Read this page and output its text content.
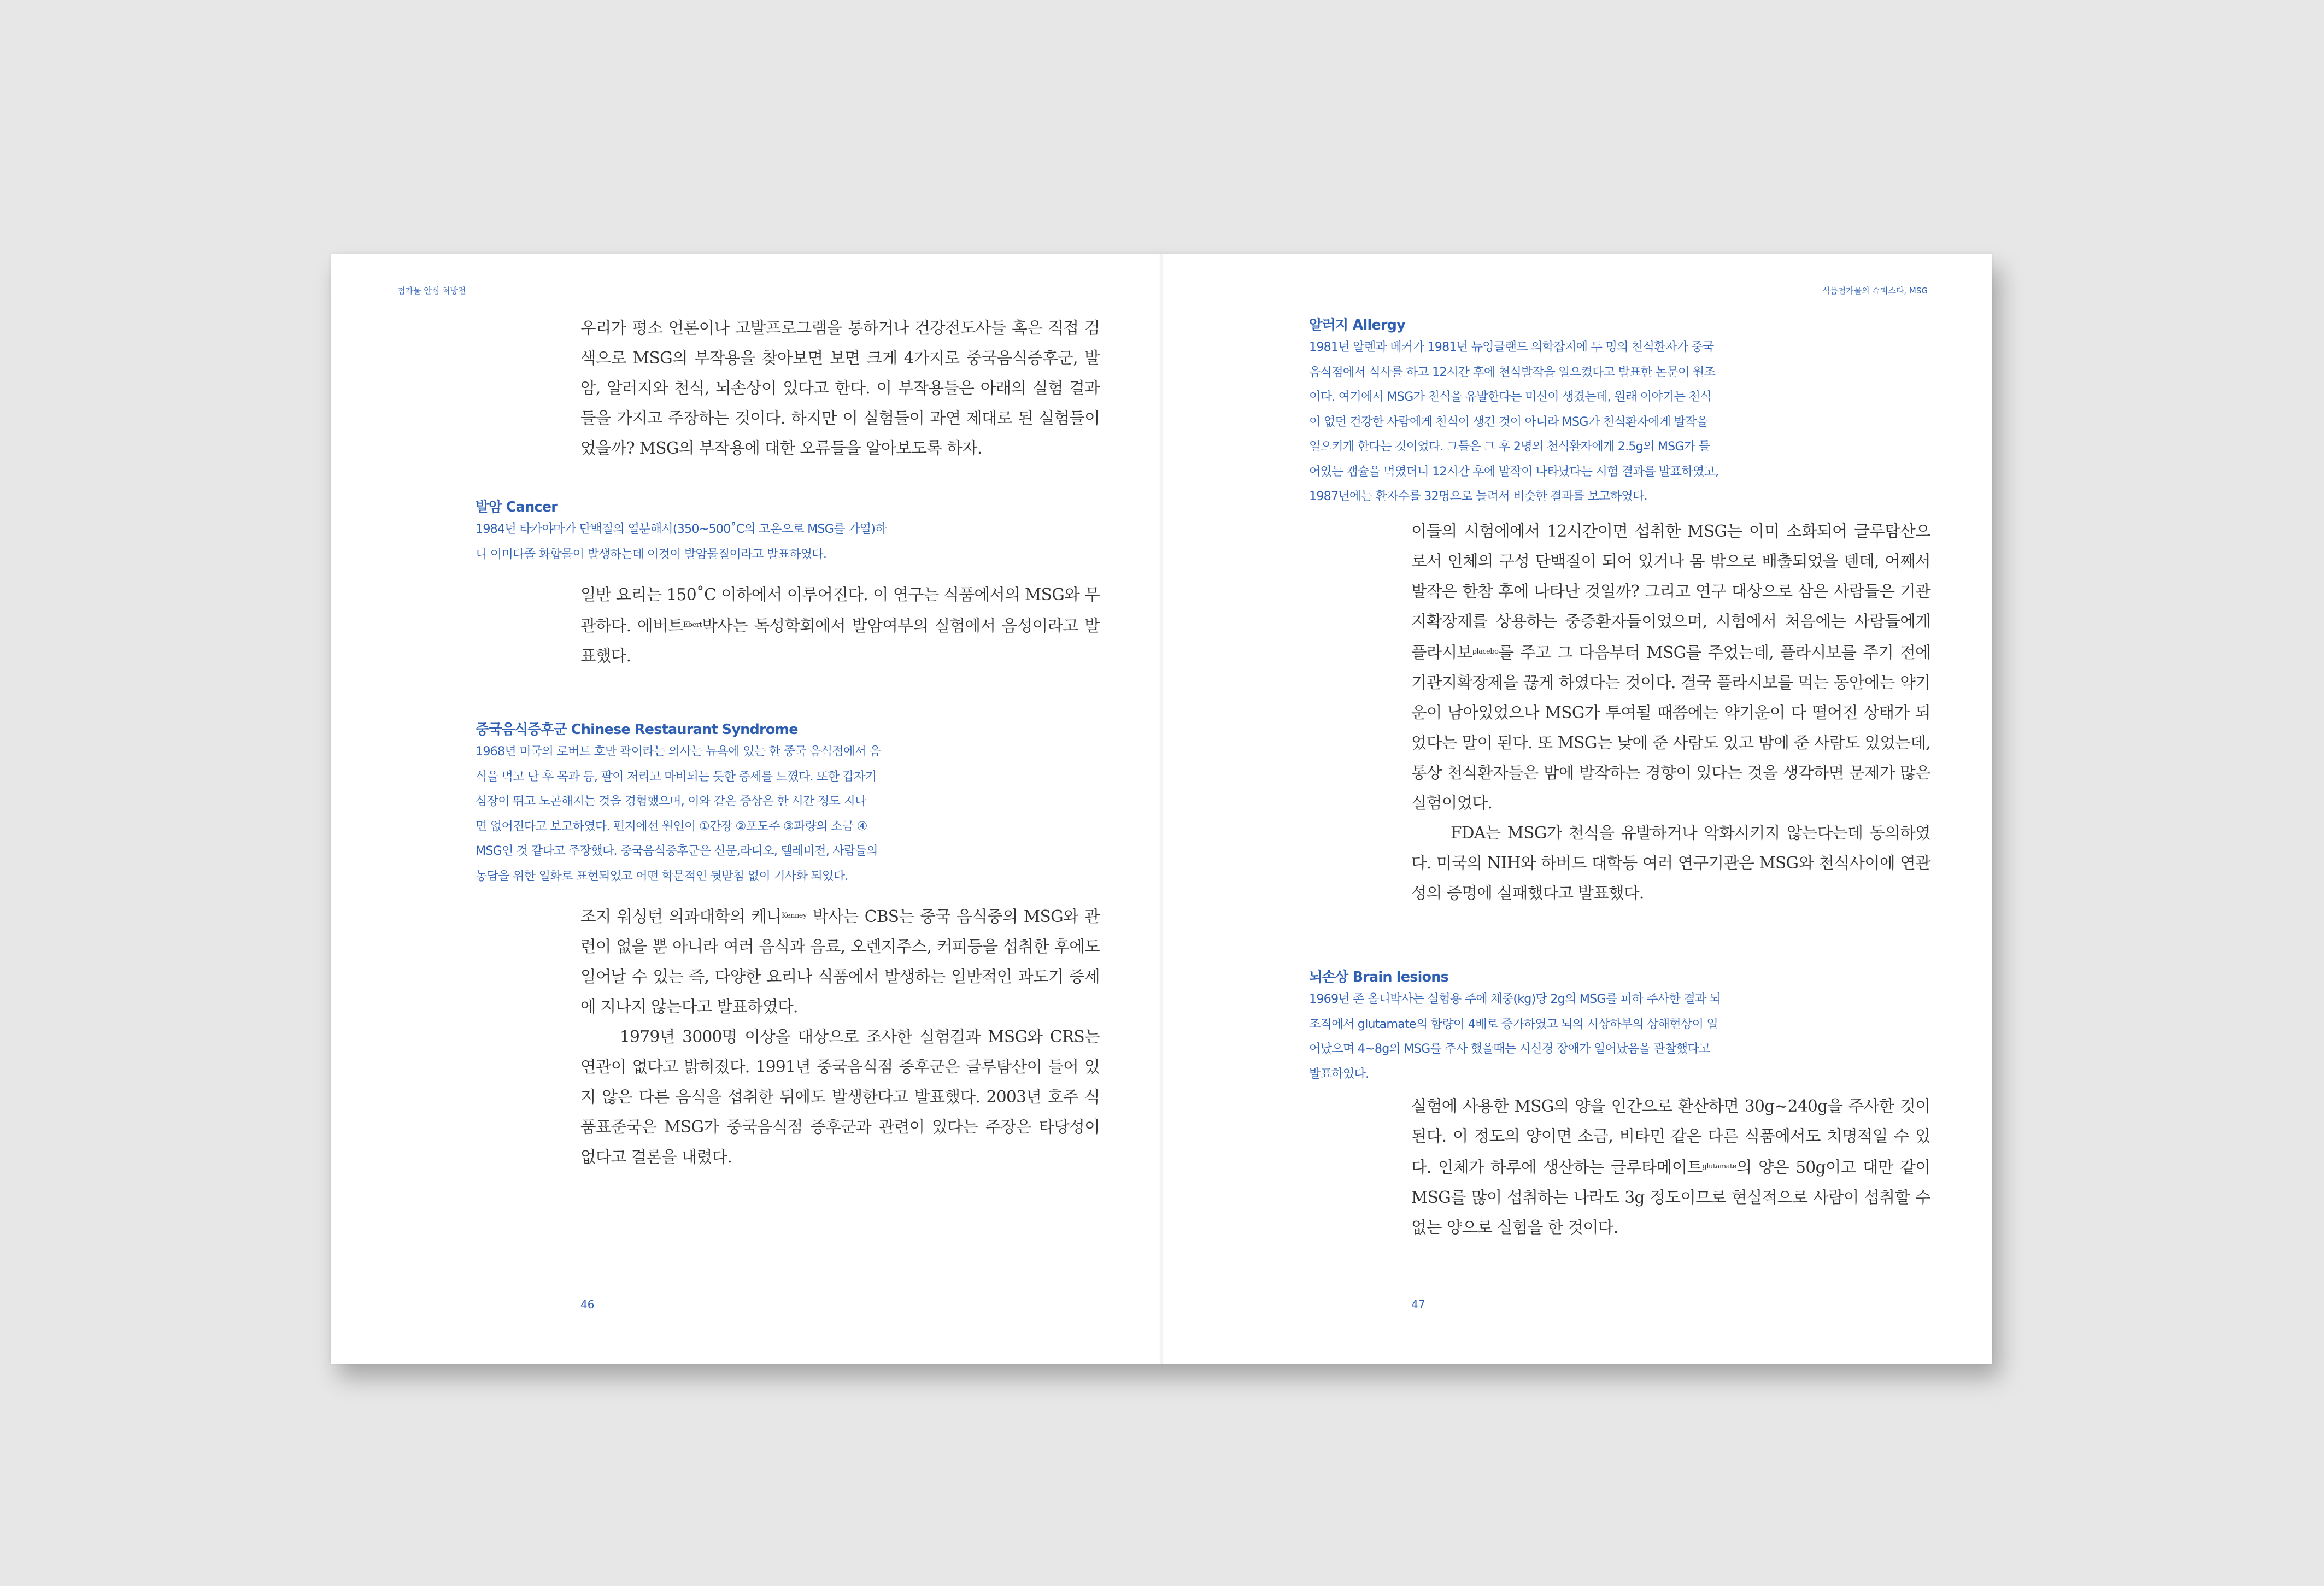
첨가물 안심 처방전

우리가 평소 언론이나 고발프로그램을 통하거나 건강전도사들 혹은 직접 검색으로 MSG의 부작용을 찾아보면 보면 크게 4가지로 중국음식증후군, 발암, 알러지와 천식, 뇌손상이 있다고 한다. 이 부작용들은 아래의 실험 결과들을 가지고 주장하는 것이다. 하지만 이 실험들이 과연 제대로 된 실험들이었을까? MSG의 부작용에 대한 오류들을 알아보도록 하자.

발암 Cancer

1984년 타카야마가 단백질의 열분해시(350~500˚C의 고온으로 MSG를 가열)하
니 이미다졸 화합물이 발생하는데 이것이 발암물질이라고 발표하였다.

일반 요리는 150˚C 이하에서 이루어진다. 이 연구는 식품에서의 MSG와 무관하다. 에버트$^{Ebert}$박사는 독성학회에서 발암여부의 실험에서 음성이라고 발표했다.

중국음식증후군 Chinese Restaurant Syndrome

1968년 미국의 로버트 호만 곽이라는 의사는 뉴욕에 있는 한 중국 음식점에서 음
식을 먹고 난 후 목과 등, 팔이 저리고 마비되는 듯한 증세를 느꼈다. 또한 갑자기
심장이 뛰고 노곤해지는 것을 경험했으며, 이와 같은 증상은 한 시간 정도 지나
면 없어진다고 보고하였다. 편지에선 원인이 ①간장 ②포도주 ③과량의 소금 ④
MSG인 것 같다고 주장했다. 중국음식증후군은 신문,라디오, 텔레비전, 사람들의
농담을 위한 일화로 표현되었고 어떤 학문적인 뒷받침 없이 기사화 되었다.

조지 워싱턴 의과대학의 케니$^{Kenney}$ 박사는 CBS는 중국 음식중의 MSG와 관련이 없을 뿐 아니라 여러 음식과 음료, 오렌지주스, 커피등을 섭취한 후에도 일어날 수 있는 즉, 다양한 요리나 식품에서 발생하는 일반적인 과도기 증세에 지나지 않는다고 발표하였다.

1979년 3000명 이상을 대상으로 조사한 실험결과 MSG와 CRS는 연관이 없다고 밝혀졌다. 1991년 중국음식점 증후군은 글루탐산이 들어 있지 않은 다른 음식을 섭취한 뒤에도 발생한다고 발표했다. 2003년 호주 식품표준국은 MSG가 중국음식점 증후군과 관련이 있다는 주장은 타당성이 없다고 결론을 내렸다.

46
식품첨가물의 슈퍼스타, MSG

알러지 Allergy

1981년 알렌과 베커가 1981년 뉴잉글랜드 의학잡지에 두 명의 천식환자가 중국
음식점에서 식사를 하고 12시간 후에 천식발작을 일으켰다고 발표한 논문이 원조
이다. 여기에서 MSG가 천식을 유발한다는 미신이 생겼는데, 원래 이야기는 천식
이 없던 건강한 사람에게 천식이 생긴 것이 아니라 MSG가 천식환자에게 발작을
일으키게 한다는 것이었다. 그들은 그 후 2명의 천식환자에게 2.5g의 MSG가 들
어있는 캡슐을 먹였더니 12시간 후에 발작이 나타났다는 시험 결과를 발표하였고,
1987년에는 환자수를 32명으로 늘려서 비슷한 결과를 보고하였다.

이들의 시험에에서 12시간이면 섭취한 MSG는 이미 소화되어 글루탐산으로서 인체의 구성 단백질이 되어 있거나 몸 밖으로 배출되었을 텐데, 어째서 발작은 한참 후에 나타난 것일까? 그리고 연구 대상으로 삼은 사람들은 기관지확장제를 상용하는 중증환자들이었으며, 시험에서 처음에는 사람들에게 플라시보$^{placebo}$를 주고 그 다음부터 MSG를 주었는데, 플라시보를 주기 전에 기관지확장제을 끊게 하였다는 것이다. 결국 플라시보를 먹는 동안에는 약기운이 남아있었으나 MSG가 투여될 때쯤에는 약기운이 다 떨어진 상태가 되었다는 말이 된다. 또 MSG는 낮에 준 사람도 있고 밤에 준 사람도 있었는데, 통상 천식환자들은 밤에 발작하는 경향이 있다는 것을 생각하면 문제가 많은 실험이었다.

FDA는 MSG가 천식을 유발하거나 악화시키지 않는다는데 동의하였다. 미국의 NIH와 하버드 대학등 여러 연구기관은 MSG와 천식사이에 연관성의 증명에 실패했다고 발표했다.

뇌손상 Brain lesions

1969년 존 올니박사는 실험용 주에 체중(kg)당 2g의 MSG를 피하 주사한 결과 뇌
조직에서 glutamate의 함량이 4배로 증가하였고 뇌의 시상하부의 상해현상이 일
어났으며 4~8g의 MSG를 주사 했을때는 시신경 장애가 일어났음을 관찰했다고
발표하였다.

실험에 사용한 MSG의 양을 인간으로 환산하면 30g~240g을 주사한 것이된다. 이 정도의 양이면 소금, 비타민 같은 다른 식품에서도 치명적일 수 있다. 인체가 하루에 생산하는 글루타메이트$^{glutamate}$의 양은 50g이고 대만 같이 MSG를 많이 섭취하는 나라도 3g 정도이므로 현실적으로 사람이 섭취할 수 없는 양으로 실험을 한 것이다.

47
